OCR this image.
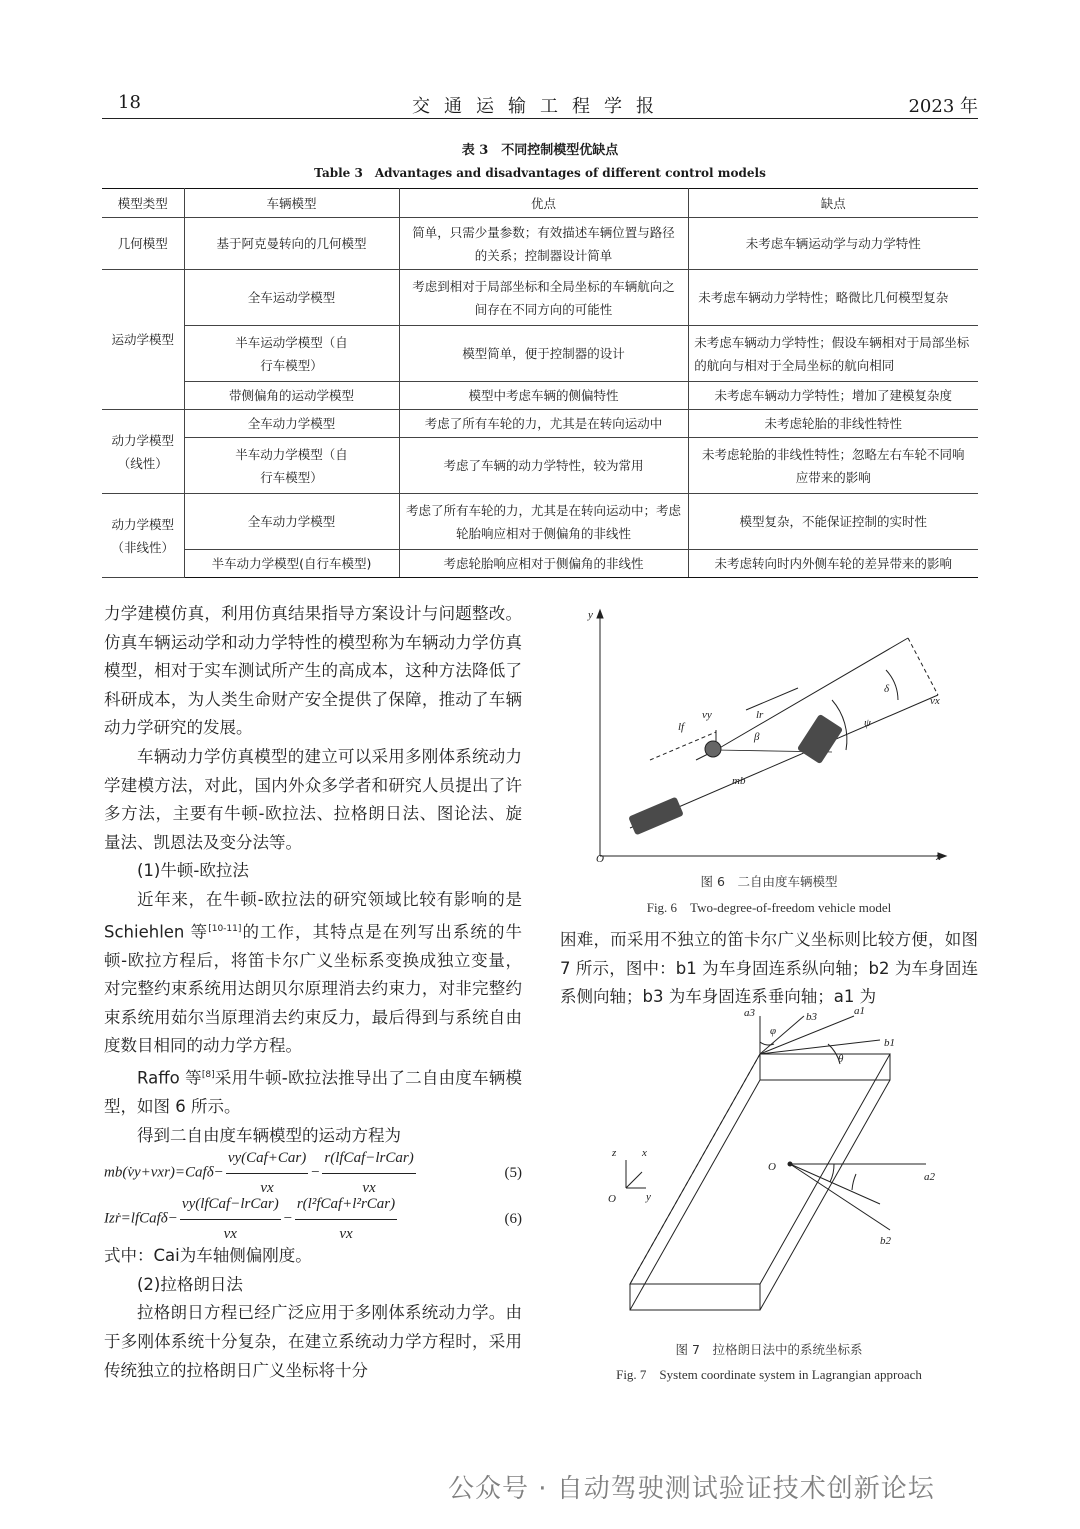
18	交通运输工程学报	2023 年
表 3　不同控制模型优缺点
Table 3　Advantages and disadvantages of different control models
模型类型	车辆模型	优点	缺点
几何模型	基于阿克曼转向的几何模型	简单，只需少量参数；有效描述车辆位置与路径的关系；控制器设计简单	未考虑车辆运动学与动力学特性
运动学模型	全车运动学模型	考虑到相对于局部坐标和全局坐标的车辆航向之间存在不同方向的可能性	未考虑车辆动力学特性；略微比几何模型复杂

	半车运动学模型（自行车模型）	模型简单，便于控制器的设计	未考虑车辆动力学特性；假设车辆相对于局部坐标的航向与相对于全局坐标的航向相同

	带侧偏角的运动学模型	模型中考虑车辆的侧偏特性	未考虑车辆动力学特性；增加了建模复杂度

动力学模型（线性）	全车动力学模型	考虑了所有车轮的力，尤其是在转向运动中	未考虑轮胎的非线性特性

	半车动力学模型（自行车模型）	考虑了车辆的动力学特性，较为常用	未考虑轮胎的非线性特性；忽略左右车轮不同响应带来的影响

动力学模型（非线性）	全车动力学模型	考虑了所有车轮的力，尤其是在转向运动中；考虑轮胎响应相对于侧偏角的非线性	模型复杂，不能保证控制的实时性
	半车动力学模型(自行车模型)	考虑轮胎响应相对于侧偏角的非线性	未考虑转向时内外侧车轮的差异带来的影响

力学建模仿真，利用仿真结果指导方案设计与问题整改。仿真车辆运动学和动力学特性的模型称为车辆动力学仿真模型，相对于实车测试所产生的高成本，这种方法降低了科研成本，为人类生命财产安全提供了保障，推动了车辆动力学研究的发展。

车辆动力学仿真模型的建立可以采用多刚体系统动力学建模方法，对此，国内外众多学者和研究人员提出了许多方法，主要有牛顿-欧拉法、拉格朗日法、图论法、旋量法、凯恩法及变分法等。

(1)牛顿-欧拉法

近年来，在牛顿-欧拉法的研究领域比较有影响的是 Schiehlen 等[10-11]的工作，其特点是在列写出系统的牛顿-欧拉方程后，将笛卡尔广义坐标系变换成独立变量，对完整约束系统用达朗贝尔原理消去约束力，对非完整约束系统用茹尔当原理消去约束反力，最后得到与系统自由度数目相同的动力学方程。

Raffo 等[8]采用牛顿-欧拉法推导出了二自由度车辆模型，如图 6 所示。

得到二自由度车辆模型的运动方程为

mb(v̇y+vxr)=Cafδ− $\frac{\text{vy(Caf+Car)}}{vx} - \frac{\text{r(lfCaf−lrCar)}}{vx}$	(5)
Izṙ=lfCafδ− $\frac{\text{vy(lfCaf−lrCar)}}{vx} - \frac{\text{r(l²fCaf+l²rCar)}}{vx}$	(6)

式中：Cai为车轴侧偏刚度。

(2)拉格朗日法

拉格朗日方程已经广泛应用于多刚体系统动力学。由于多刚体系统十分复杂，在建立系统动力学方程时，采用传统独立的拉格朗日广义坐标将十分

y
x
O
vx
vy	lr
lf
β
δ
ψ
mb
图 6　二自由度车辆模型
Fig. 6　Two-degree-of-freedom vehicle model

困难，而采用不独立的笛卡尔广义坐标则比较方便，如图 7 所示，图中：b1 为车身固连系纵向轴；b2 为车身固连系侧向轴；b3 为车身固连系垂向轴；a1 为

a3	b3	a1
b1
φ
θ
O
a2
b2
z x
y
O
图 7　拉格朗日法中的系统坐标系
Fig. 7　System coordinate system in Lagrangian approach
公众号 · 自动驾驶测试验证技术创新论坛
